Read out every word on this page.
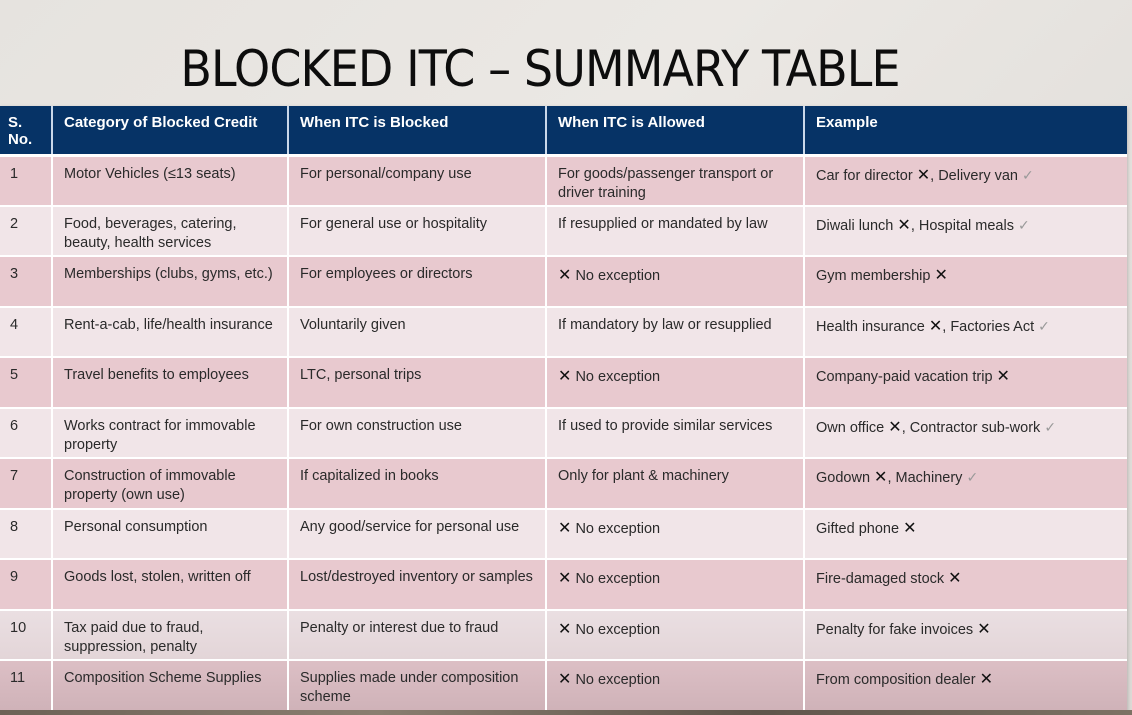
BLOCKED ITC – SUMMARY TABLE
S. No.	Category of Blocked Credit	When ITC is Blocked	When ITC is Allowed	Example
1	Motor Vehicles (≤13 seats)	For personal/company use	For goods/passenger transport or driver training	Car for director ✕, Delivery van ✓
2	Food, beverages, catering, beauty, health services	For general use or hospitality	If resupplied or mandated by law	Diwali lunch ✕, Hospital meals ✓
3	Memberships (clubs, gyms, etc.)	For employees or directors	✕ No exception	Gym membership ✕
4	Rent-a-cab, life/health insurance	Voluntarily given	If mandatory by law or resupplied	Health insurance ✕, Factories Act ✓
5	Travel benefits to employees	LTC, personal trips	✕ No exception	Company-paid vacation trip ✕
6	Works contract for immovable property	For own construction use	If used to provide similar services	Own office ✕, Contractor sub-work ✓
7	Construction of immovable property (own use)	If capitalized in books	Only for plant & machinery	Godown ✕, Machinery ✓
8	Personal consumption	Any good/service for personal use	✕ No exception	Gifted phone ✕
9	Goods lost, stolen, written off	Lost/destroyed inventory or samples	✕ No exception	Fire-damaged stock ✕
10	Tax paid due to fraud, suppression, penalty	Penalty or interest due to fraud	✕ No exception	Penalty for fake invoices ✕
11	Composition Scheme Supplies	Supplies made under composition scheme	✕ No exception	From composition dealer ✕
